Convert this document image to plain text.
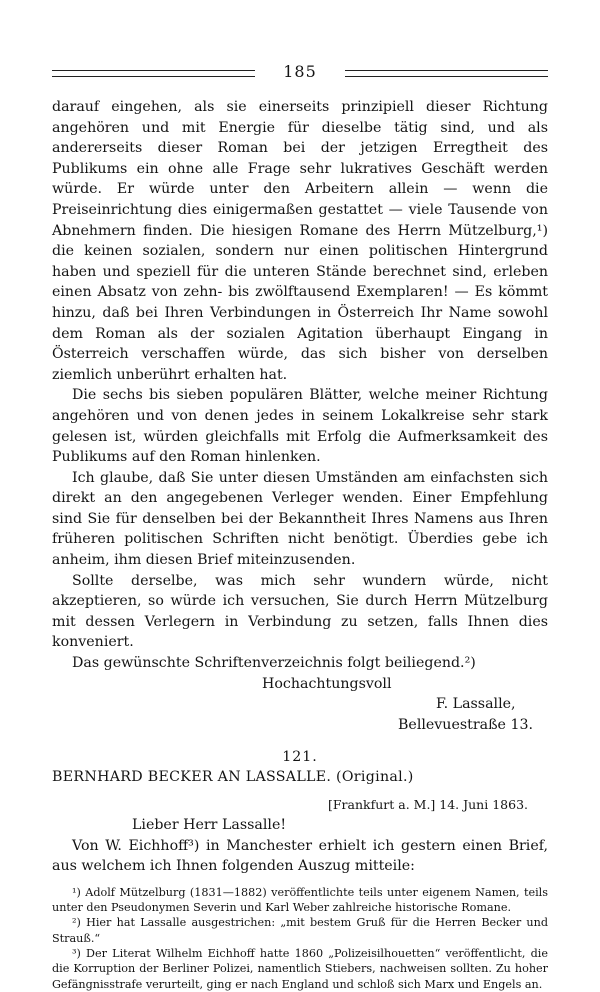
185

darauf eingehen, als sie einerseits prinzipiell dieser Richtung angehören und mit Energie für dieselbe tätig sind, und als andererseits dieser Roman bei der jetzigen Erregtheit des Publikums ein ohne alle Frage sehr lukratives Geschäft werden würde. Er würde unter den Arbeitern allein — wenn die Preiseinrichtung dies einigermaßen gestattet — viele Tausende von Abnehmern finden. Die hiesigen Romane des Herrn Mützelburg,¹) die keinen sozialen, sondern nur einen politischen Hintergrund haben und speziell für die unteren Stände berechnet sind, erleben einen Absatz von zehn- bis zwölftausend Exemplaren! — Es kömmt hinzu, daß bei Ihren Verbindungen in Österreich Ihr Name sowohl dem Roman als der sozialen Agitation überhaupt Eingang in Österreich verschaffen würde, das sich bisher von derselben ziemlich unberührt erhalten hat.

Die sechs bis sieben populären Blätter, welche meiner Richtung angehören und von denen jedes in seinem Lokalkreise sehr stark gelesen ist, würden gleichfalls mit Erfolg die Aufmerksamkeit des Publikums auf den Roman hinlenken.

Ich glaube, daß Sie unter diesen Umständen am einfachsten sich direkt an den angegebenen Verleger wenden. Einer Empfehlung sind Sie für denselben bei der Bekanntheit Ihres Namens aus Ihren früheren politischen Schriften nicht benötigt. Überdies gebe ich anheim, ihm diesen Brief miteinzusenden.

Sollte derselbe, was mich sehr wundern würde, nicht akzeptieren, so würde ich versuchen, Sie durch Herrn Mützelburg mit dessen Verlegern in Verbindung zu setzen, falls Ihnen dies konveniert.

Das gewünschte Schriftenverzeichnis folgt beiliegend.²)

Hochachtungsvoll

F. Lassalle,

Bellevuestraße 13.

121.
BERNHARD BECKER AN LASSALLE. (Original.)
[Frankfurt a. M.] 14. Juni 1863.
Lieber Herr Lassalle!

Von W. Eichhoff³) in Manchester erhielt ich gestern einen Brief, aus welchem ich Ihnen folgenden Auszug mitteile:

¹) Adolf Mützelburg (1831—1882) veröffentlichte teils unter eigenem Namen, teils unter den Pseudonymen Severin und Karl Weber zahlreiche historische Romane.

²) Hier hat Lassalle ausgestrichen: „mit bestem Gruß für die Herren Becker und Strauß.“

³) Der Literat Wilhelm Eichhoff hatte 1860 „Polizeisilhouetten“ veröffentlicht, die die Korruption der Berliner Polizei, namentlich Stiebers, nachweisen sollten. Zu hoher Gefängnisstrafe verurteilt, ging er nach England und schloß sich Marx und Engels an.
